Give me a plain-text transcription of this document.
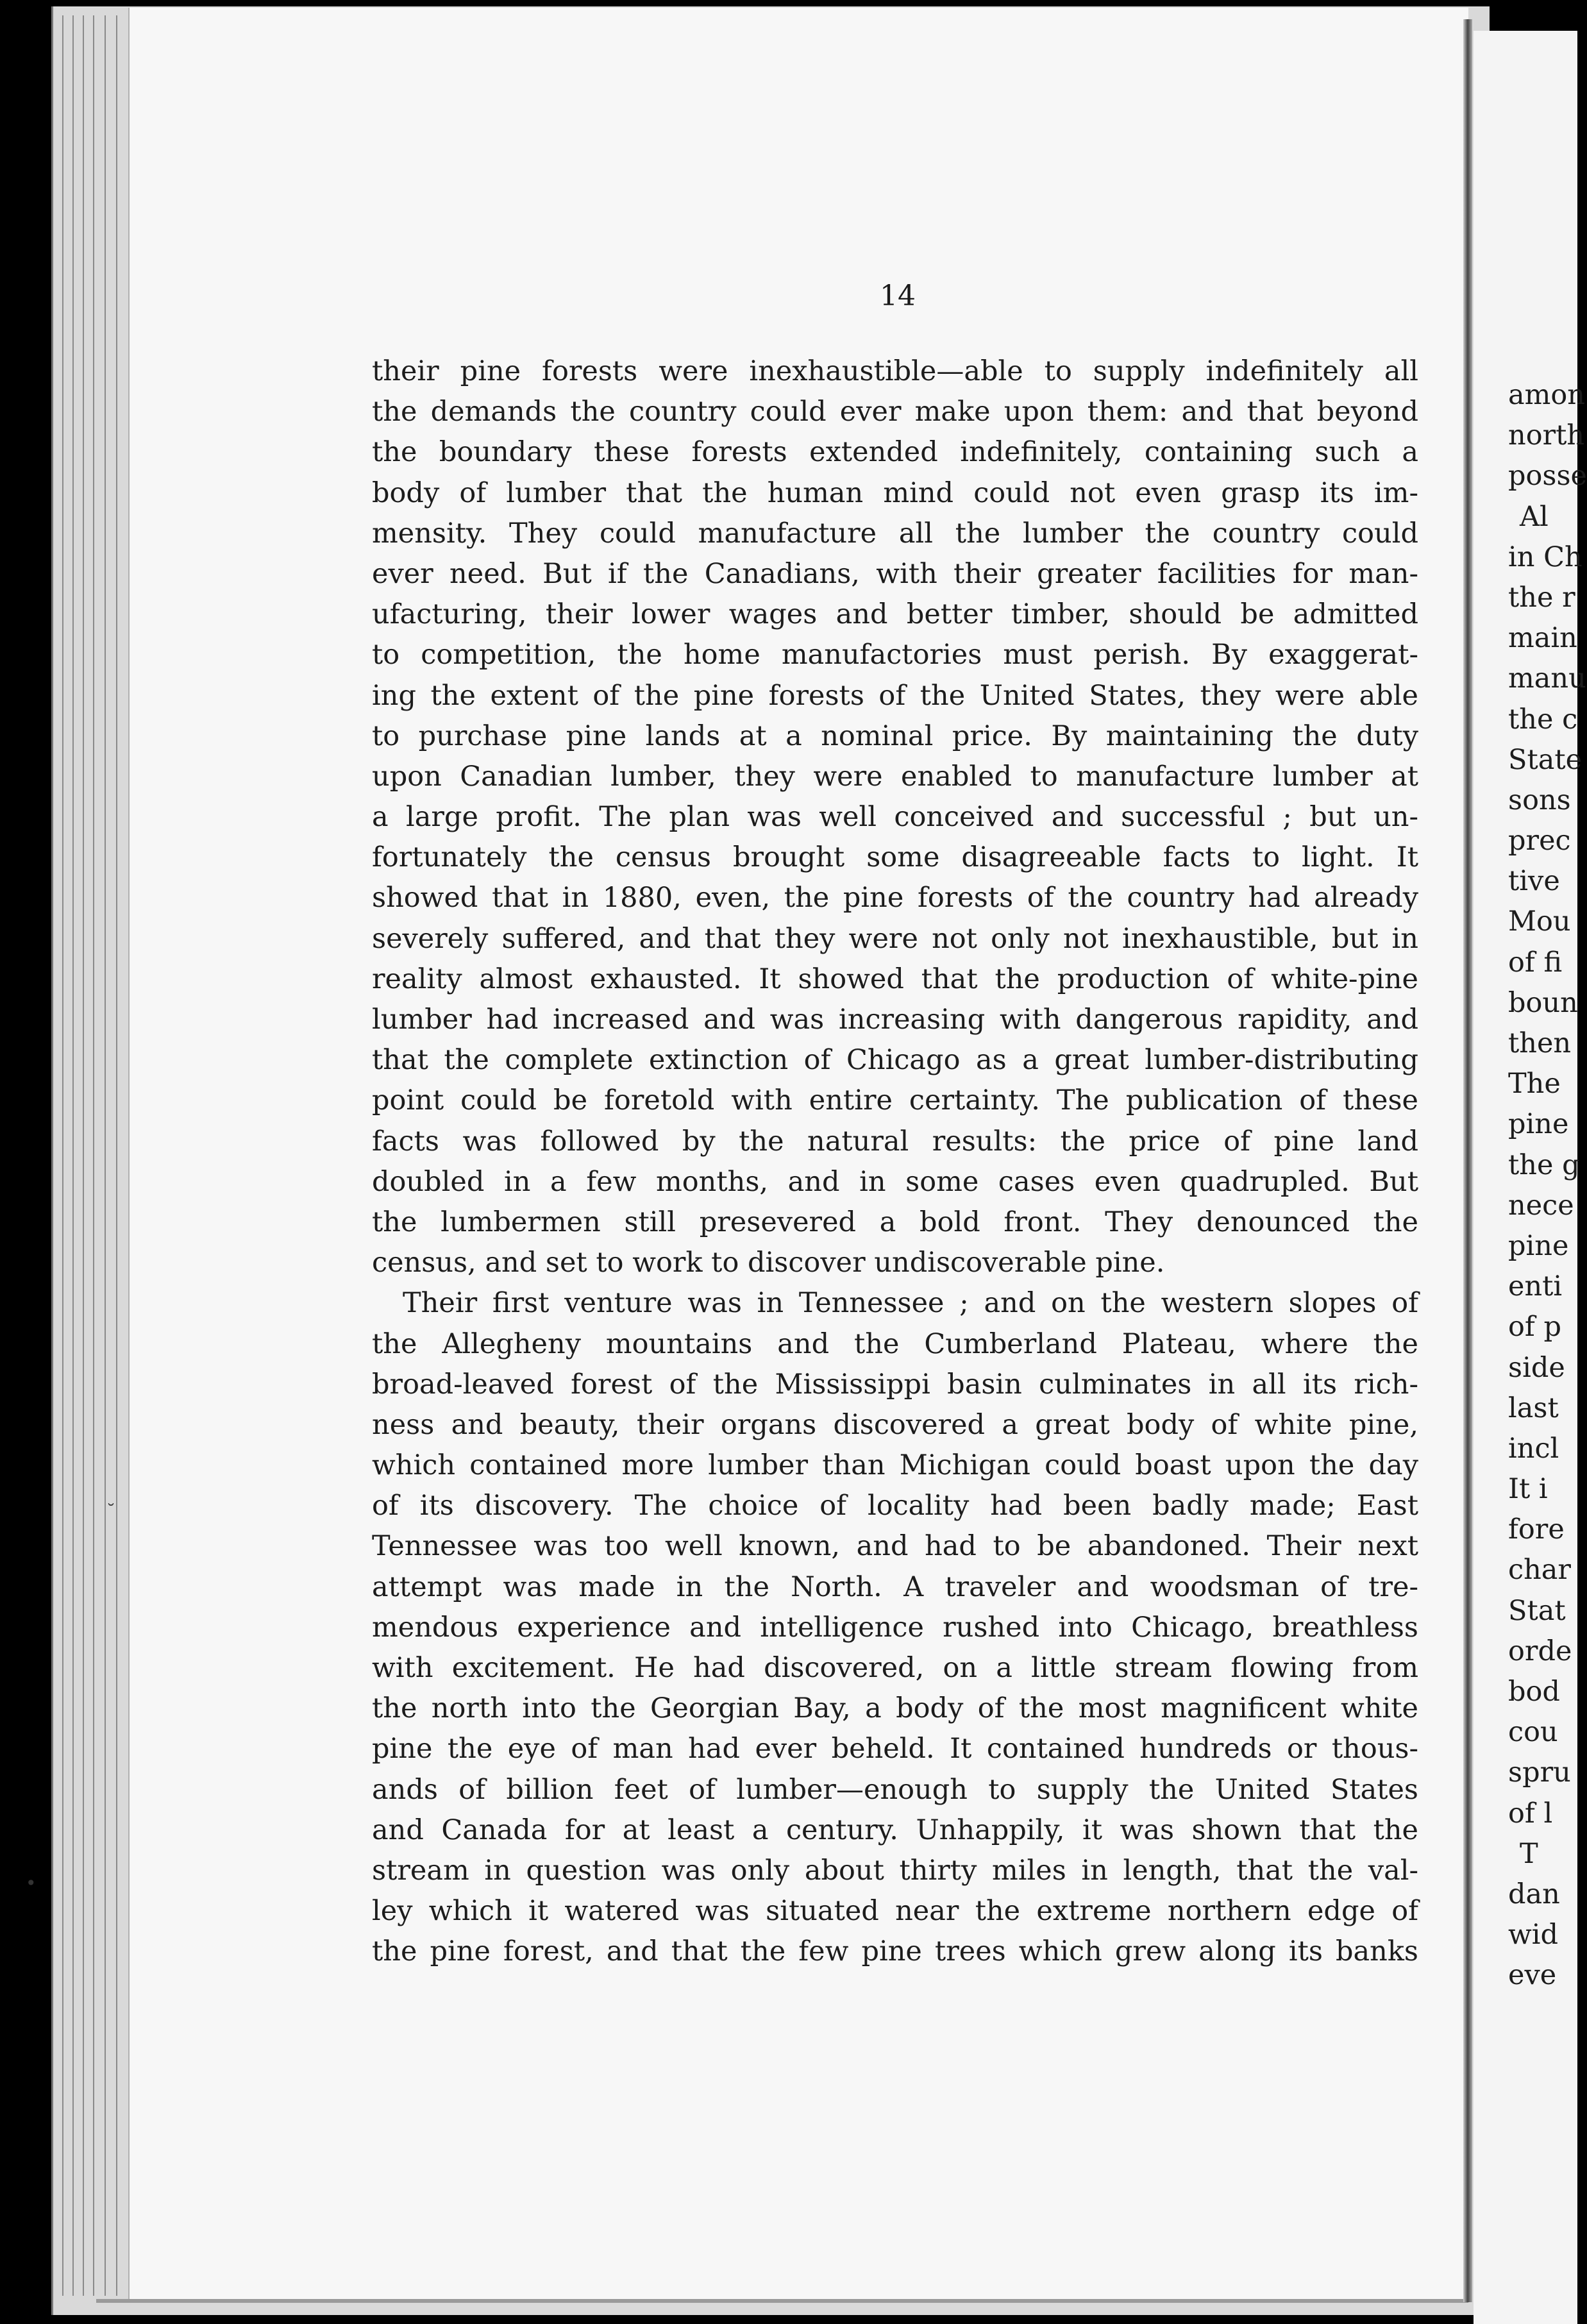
14
their pine forests were inexhaustible—able to supply indefinitely all
the demands the country could ever make upon them: and that beyond
the boundary these forests extended indefinitely, containing such a
body of lumber that the human mind could not even grasp its im-
mensity. They could manufacture all the lumber the country could
ever need. But if the Canadians, with their greater facilities for man-
ufacturing, their lower wages and better timber, should be admitted
to competition, the home manufactories must perish. By exaggerat-
ing the extent of the pine forests of the United States, they were able
to purchase pine lands at a nominal price. By maintaining the duty
upon Canadian lumber, they were enabled to manufacture lumber at
a large profit. The plan was well conceived and successful ; but un-
fortunately the census brought some disagreeable facts to light. It
showed that in 1880, even, the pine forests of the country had already
severely suffered, and that they were not only not inexhaustible, but in
reality almost exhausted. It showed that the production of white-pine
lumber had increased and was increasing with dangerous rapidity, and
that the complete extinction of Chicago as a great lumber-distributing
point could be foretold with entire certainty. The publication of these
facts was followed by the natural results: the price of pine land
doubled in a few months, and in some cases even quadrupled. But
the lumbermen still presevered a bold front. They denounced the
census, and set to work to discover undiscoverable pine.
Their first venture was in Tennessee ; and on the western slopes of
the Allegheny mountains and the Cumberland Plateau, where the
broad-leaved forest of the Mississippi basin culminates in all its rich-
ness and beauty, their organs discovered a great body of white pine,
which contained more lumber than Michigan could boast upon the day
of its discovery. The choice of locality had been badly made; East
Tennessee was too well known, and had to be abandoned. Their next
attempt was made in the North. A traveler and woodsman of tre-
mendous experience and intelligence rushed into Chicago, breathless
with excitement. He had discovered, on a little stream flowing from
the north into the Georgian Bay, a body of the most magnificent white
pine the eye of man had ever beheld. It contained hundreds or thous-
ands of billion feet of lumber—enough to supply the United States
and Canada for at least a century. Unhappily, it was shown that the
stream in question was only about thirty miles in length, that the val-
ley which it watered was situated near the extreme northern edge of
the pine forest, and that the few pine trees which grew along its banks
amon
north
posse
Al
in Ch
the r
main
manu
the c
State
sons
prec
tive
Mou
of fi
boun
then
The
pine
the g
nece
pine
enti
of p
side
last
incl
It i
fore
char
Stat
orde
bod
cou
spru
of l
T
dan
wid
eve
˘
•
